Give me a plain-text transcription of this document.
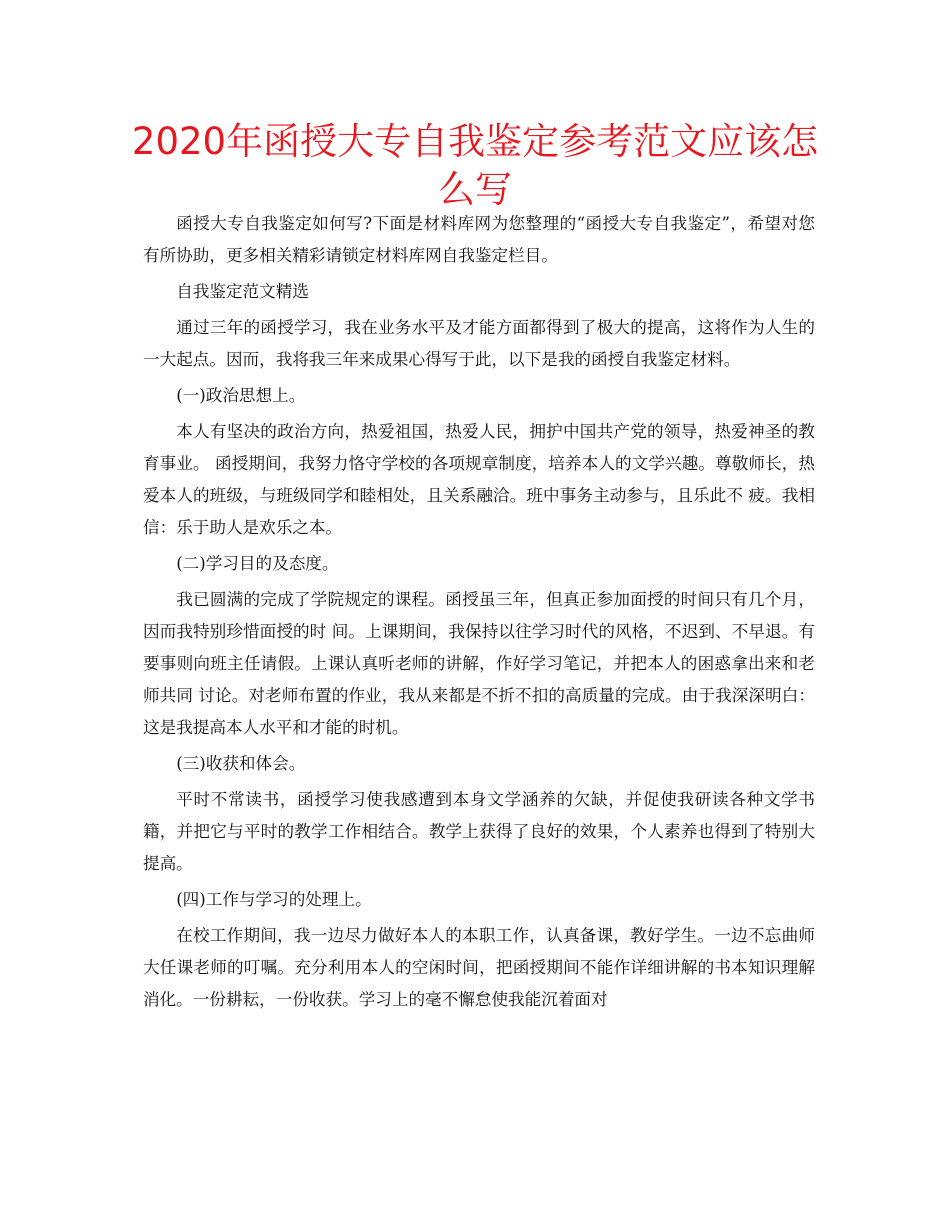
2020年函授大专自我鉴定参考范文应该怎么写

函授大专自我鉴定如何写?下面是材料库网为您整理的“函授大专自我鉴定”，希望对您有所协助，更多相关精彩请锁定材料库网自我鉴定栏目。

自我鉴定范文精选

通过三年的函授学习，我在业务水平及才能方面都得到了极大的提高，这将作为人生的一大起点。因而，我将我三年来成果心得写于此，以下是我的函授自我鉴定材料。

(一)政治思想上。

本人有坚决的政治方向，热爱祖国，热爱人民，拥护中国共产党的领导，热爱神圣的教育事业。 函授期间，我努力恪守学校的各项规章制度，培养本人的文学兴趣。尊敬师长，热爱本人的班级，与班级同学和睦相处，且关系融洽。班中事务主动参与，且乐此不 疲。我相信：乐于助人是欢乐之本。

(二)学习目的及态度。

我已圆满的完成了学院规定的课程。函授虽三年，但真正参加面授的时间只有几个月，因而我特别珍惜面授的时 间。上课期间，我保持以往学习时代的风格，不迟到、不早退。有要事则向班主任请假。上课认真听老师的讲解，作好学习笔记，并把本人的困惑拿出来和老师共同 讨论。对老师布置的作业，我从来都是不折不扣的高质量的完成。由于我深深明白：这是我提高本人水平和才能的时机。

(三)收获和体会。

平时不常读书，函授学习使我感遭到本身文学涵养的欠缺，并促使我研读各种文学书籍，并把它与平时的教学工作相结合。教学上获得了良好的效果，个人素养也得到了特别大提高。

(四)工作与学习的处理上。

在校工作期间，我一边尽力做好本人的本职工作，认真备课，教好学生。一边不忘曲师大任课老师的叮嘱。充分利用本人的空闲时间，把函授期间不能作详细讲解的书本知识理解消化。一份耕耘，一份收获。学习上的毫不懈怠使我能沉着面对
